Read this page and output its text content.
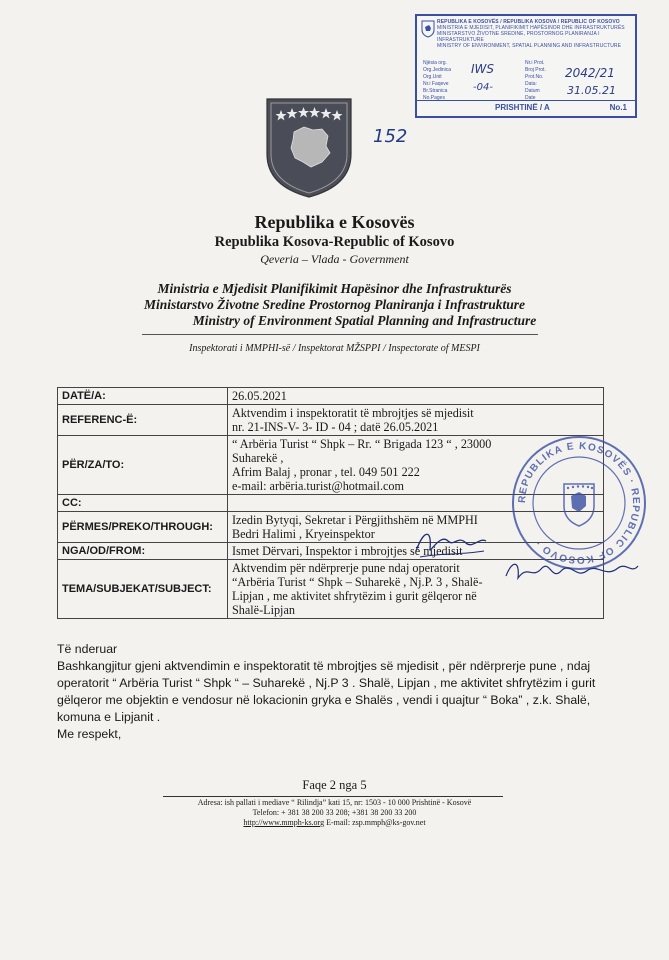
REPUBLIKA E KOSOVËS / REPUBLIKA KOSOVA / REPUBLIC OF KOSOVO
MINISTRIA E MJEDISIT, PLANIFIKIMIT HAPËSINOR DHE INFRASTRUKTURËS
MINISTARSTVO ŽIVOTNE SREDINE, PROSTORNOG PLANIRANJA I INFRASTRUKTURE
MINISTRY OF ENVIRONMENT, SPATIAL PLANNING AND INFRASTRUCTURE
Njësia org.
Org.Jedinica
Org.Unit
Nr.i Faqeve
Br.Stranica
No.Pages
Nr.i Prot.
Broj Prot.
Prot.No.
Data:
Datum
Date
IWS
-04-
2042/21
31.05.21
PRISHTINË / A	No.1
152
Republika e Kosovës
Republika Kosova-Republic of Kosovo
Qeveria – Vlada - Government
Ministria e Mjedisit Planifikimit Hapësinor dhe Infrastrukturës
Ministarstvo Životne Sredine Prostornog Planiranja i Infrastrukture
Ministry of Environment Spatial Planning and Infrastructure
Inspektorati i MMPHI-së / Inspektorat MŽSPPI / Inspectorate of MESPI
DATË/A:	26.05.2021

REFERENC-Ë:	Aktvendim i inspektoratit të mbrojtjes së mjedisit
nr. 21-INS-V- 3- ID - 04 ; datë 26.05.2021

PËR/ZA/TO:	“ Arbëria Turist “ Shpk – Rr. “ Brigada 123 “ , 23000
Suharekë ,
Afrim Balaj , pronar , tel. 049 501 222
e-mail: arbëria.turist@hotmail.com

CC:	
PËRMES/PREKO/THROUGH:	Izedin Bytyqi, Sekretar i Përgjithshëm në MMPHI
Bedri Halimi , Kryeinspektor

NGA/OD/FROM:	Ismet Dërvari, Inspektor i mbrojtjes së mjedisit

TEMA/SUBJEKAT/SUBJECT:	Aktvendim për ndërprerje pune ndaj operatorit
“Arbëria Turist “ Shpk – Suharekë , Nj.P. 3 , Shalë-
Lipjan , me aktivitet shfrytëzim i gurit gëlqeror në
Shalë-Lipjan
REPUBLIKA E KOSOVËS · REPUBLIC OF KOSOVO ·

Të nderuar

Bashkangjitur gjeni aktvendimin e inspektoratit të mbrojtjes së mjedisit , për ndërprerje pune , ndaj operatorit “ Arbëria Turist “ Shpk “ – Suharekë , Nj.P 3 . Shalë, Lipjan , me aktivitet shfrytëzim i gurit gëlqeror me objektin e vendosur në lokacionin gryka e Shalës , vendi i quajtur “ Boka” , z.k. Shalë, komuna e Lipjanit .

Me respekt,

Faqe 2 nga 5
Adresa: ish pallati i mediave “ Rilindja” kati 15, nr: 1503 - 10 000 Prishtinë - Kosovë
Telefon: + 381 38 200 33 208; +381 38 200 33 200
http://www.mmph-ks.org E-mail: zsp.mmph@ks-gov.net
